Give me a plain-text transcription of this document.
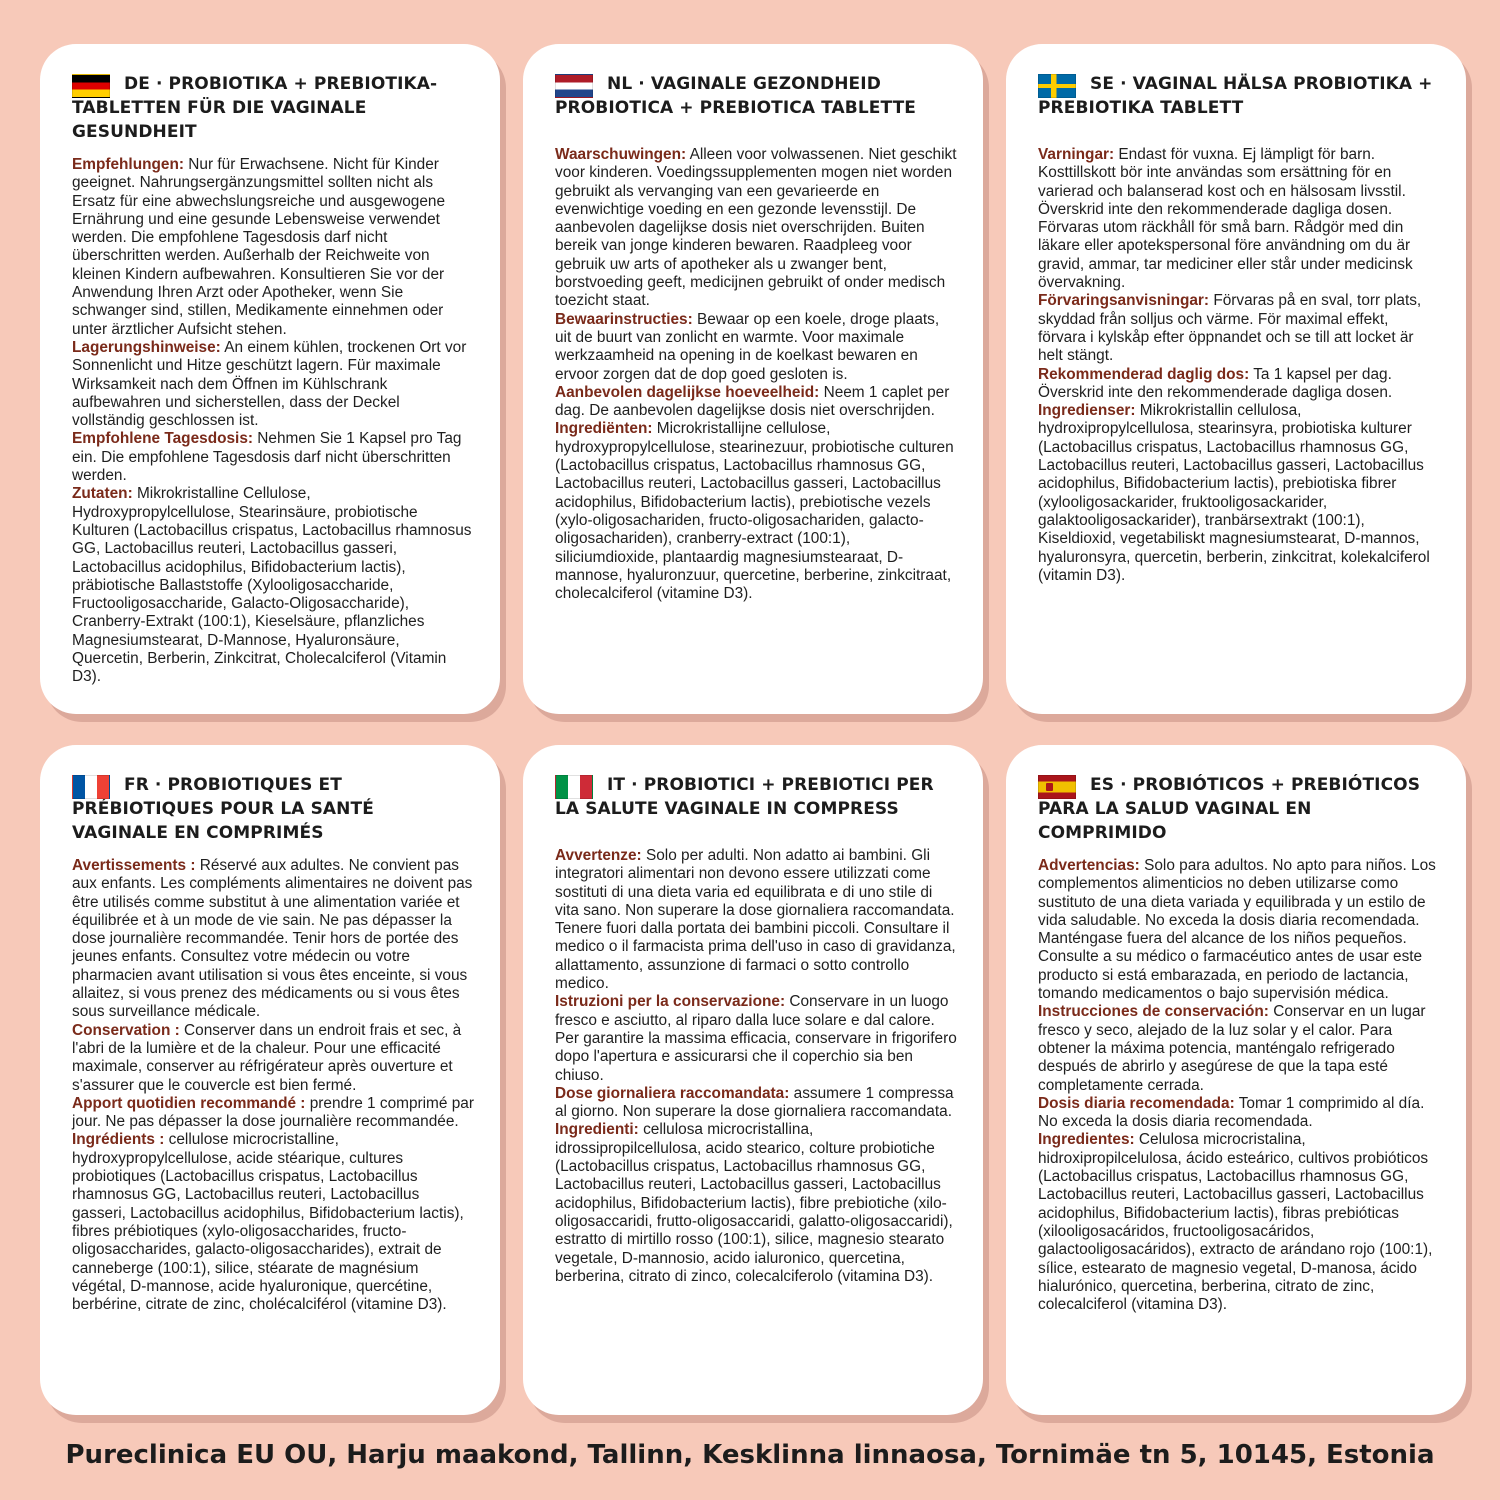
DE · PROBIOTIKA + PREBIOTIKA-TABLETTEN FÜR DIE VAGINALE GESUNDHEIT

Empfehlungen: Nur für Erwachsene. Nicht für Kinder geeignet. Nahrungsergänzungsmittel sollten nicht als Ersatz für eine abwechslungsreiche und ausgewogene Ernährung und eine gesunde Lebensweise verwendet werden. Die empfohlene Tagesdosis darf nicht überschritten werden. Außerhalb der Reichweite von kleinen Kindern aufbewahren. Konsultieren Sie vor der Anwendung Ihren Arzt oder Apotheker, wenn Sie schwanger sind, stillen, Medikamente einnehmen oder unter ärztlicher Aufsicht stehen.

Lagerungshinweise: An einem kühlen, trockenen Ort vor Sonnenlicht und Hitze geschützt lagern. Für maximale Wirksamkeit nach dem Öffnen im Kühlschrank aufbewahren und sicherstellen, dass der Deckel vollständig geschlossen ist.

Empfohlene Tagesdosis: Nehmen Sie 1 Kapsel pro Tag ein. Die empfohlene Tagesdosis darf nicht überschritten werden.

Zutaten: Mikrokristalline Cellulose, Hydroxypropylcellulose, Stearinsäure, probiotische Kulturen (Lactobacillus crispatus, Lactobacillus rhamnosus GG, Lactobacillus reuteri, Lactobacillus gasseri, Lactobacillus acidophilus, Bifidobacterium lactis), präbiotische Ballaststoffe (Xylooligosaccharide, Fructooligosaccharide, Galacto-Oligosaccharide), Cranberry-Extrakt (100:1), Kieselsäure, pflanzliches Magnesiumstearat, D-Mannose, Hyaluronsäure, Quercetin, Berberin, Zinkcitrat, Cholecalciferol (Vitamin D3).

NL · VAGINALE GEZONDHEID PROBIOTICA + PREBIOTICA TABLETTE

Waarschuwingen: Alleen voor volwassenen. Niet geschikt voor kinderen. Voedingssupplementen mogen niet worden gebruikt als vervanging van een gevarieerde en evenwichtige voeding en een gezonde levensstijl. De aanbevolen dagelijkse dosis niet overschrijden. Buiten bereik van jonge kinderen bewaren. Raadpleeg voor gebruik uw arts of apotheker als u zwanger bent, borstvoeding geeft, medicijnen gebruikt of onder medisch toezicht staat.

Bewaarinstructies: Bewaar op een koele, droge plaats, uit de buurt van zonlicht en warmte. Voor maximale werkzaamheid na opening in de koelkast bewaren en ervoor zorgen dat de dop goed gesloten is.

Aanbevolen dagelijkse hoeveelheid: Neem 1 caplet per dag. De aanbevolen dagelijkse dosis niet overschrijden.

Ingrediënten: Microkristallijne cellulose, hydroxypropylcellulose, stearinezuur, probiotische culturen (Lactobacillus crispatus, Lactobacillus rhamnosus GG, Lactobacillus reuteri, Lactobacillus gasseri, Lactobacillus acidophilus, Bifidobacterium lactis), prebiotische vezels (xylo-oligosachariden, fructo-oligosachariden, galacto-oligosachariden), cranberry-extract (100:1), siliciumdioxide, plantaardig magnesiumstearaat, D-mannose, hyaluronzuur, quercetine, berberine, zinkcitraat, cholecalciferol (vitamine D3).

SE · VAGINAL HÄLSA PROBIOTIKA + PREBIOTIKA TABLETT

Varningar: Endast för vuxna. Ej lämpligt för barn. Kosttillskott bör inte användas som ersättning för en varierad och balanserad kost och en hälsosam livsstil. Överskrid inte den rekommenderade dagliga dosen. Förvaras utom räckhåll för små barn. Rådgör med din läkare eller apotekspersonal före användning om du är gravid, ammar, tar mediciner eller står under medicinsk övervakning.

Förvaringsanvisningar: Förvaras på en sval, torr plats, skyddad från solljus och värme. För maximal effekt, förvara i kylskåp efter öppnandet och se till att locket är helt stängt.

Rekommenderad daglig dos: Ta 1 kapsel per dag. Överskrid inte den rekommenderade dagliga dosen.

Ingredienser: Mikrokristallin cellulosa, hydroxipropylcellulosa, stearinsyra, probiotiska kulturer (Lactobacillus crispatus, Lactobacillus rhamnosus GG, Lactobacillus reuteri, Lactobacillus gasseri, Lactobacillus acidophilus, Bifidobacterium lactis), prebiotiska fibrer (xylooligosackarider, fruktooligosackarider, galaktooligosackarider), tranbärsextrakt (100:1), Kiseldioxid, vegetabiliskt magnesiumstearat, D-mannos, hyaluronsyra, quercetin, berberin, zinkcitrat, kolekalciferol (vitamin D3).

FR · PROBIOTIQUES ET PRÉBIOTIQUES POUR LA SANTÉ VAGINALE EN COMPRIMÉS

Avertissements : Réservé aux adultes. Ne convient pas aux enfants. Les compléments alimentaires ne doivent pas être utilisés comme substitut à une alimentation variée et équilibrée et à un mode de vie sain. Ne pas dépasser la dose journalière recommandée. Tenir hors de portée des jeunes enfants. Consultez votre médecin ou votre pharmacien avant utilisation si vous êtes enceinte, si vous allaitez, si vous prenez des médicaments ou si vous êtes sous surveillance médicale.

Conservation : Conserver dans un endroit frais et sec, à l'abri de la lumière et de la chaleur. Pour une efficacité maximale, conserver au réfrigérateur après ouverture et s'assurer que le couvercle est bien fermé.

Apport quotidien recommandé : prendre 1 comprimé par jour. Ne pas dépasser la dose journalière recommandée.

Ingrédients : cellulose microcristalline, hydroxypropylcellulose, acide stéarique, cultures probiotiques (Lactobacillus crispatus, Lactobacillus rhamnosus GG, Lactobacillus reuteri, Lactobacillus gasseri, Lactobacillus acidophilus, Bifidobacterium lactis), fibres prébiotiques (xylo-oligosaccharides, fructo-oligosaccharides, galacto-oligosaccharides), extrait de canneberge (100:1), silice, stéarate de magnésium végétal, D-mannose, acide hyaluronique, quercétine, berbérine, citrate de zinc, cholécalciférol (vitamine D3).

IT · PROBIOTICI + PREBIOTICI PER LA SALUTE VAGINALE IN COMPRESS

Avvertenze: Solo per adulti. Non adatto ai bambini. Gli integratori alimentari non devono essere utilizzati come sostituti di una dieta varia ed equilibrata e di uno stile di vita sano. Non superare la dose giornaliera raccomandata. Tenere fuori dalla portata dei bambini piccoli. Consultare il medico o il farmacista prima dell'uso in caso di gravidanza, allattamento, assunzione di farmaci o sotto controllo medico.

Istruzioni per la conservazione: Conservare in un luogo fresco e asciutto, al riparo dalla luce solare e dal calore. Per garantire la massima efficacia, conservare in frigorifero dopo l'apertura e assicurarsi che il coperchio sia ben chiuso.

Dose giornaliera raccomandata: assumere 1 compressa al giorno. Non superare la dose giornaliera raccomandata.

Ingredienti: cellulosa microcristallina, idrossipropilcellulosa, acido stearico, colture probiotiche (Lactobacillus crispatus, Lactobacillus rhamnosus GG, Lactobacillus reuteri, Lactobacillus gasseri, Lactobacillus acidophilus, Bifidobacterium lactis), fibre prebiotiche (xilo-oligosaccaridi, frutto-oligosaccaridi, galatto-oligosaccaridi), estratto di mirtillo rosso (100:1), silice, magnesio stearato vegetale, D-mannosio, acido ialuronico, quercetina, berberina, citrato di zinco, colecalciferolo (vitamina D3).

ES · PROBIÓTICOS + PREBIÓTICOS PARA LA SALUD VAGINAL EN COMPRIMIDO

Advertencias: Solo para adultos. No apto para niños. Los complementos alimenticios no deben utilizarse como sustituto de una dieta variada y equilibrada y un estilo de vida saludable. No exceda la dosis diaria recomendada. Manténgase fuera del alcance de los niños pequeños. Consulte a su médico o farmacéutico antes de usar este producto si está embarazada, en periodo de lactancia, tomando medicamentos o bajo supervisión médica.

Instrucciones de conservación: Conservar en un lugar fresco y seco, alejado de la luz solar y el calor. Para obtener la máxima potencia, manténgalo refrigerado después de abrirlo y asegúrese de que la tapa esté completamente cerrada.

Dosis diaria recomendada: Tomar 1 comprimido al día. No exceda la dosis diaria recomendada.

Ingredientes: Celulosa microcristalina, hidroxipropilcelulosa, ácido esteárico, cultivos probióticos (Lactobacillus crispatus, Lactobacillus rhamnosus GG, Lactobacillus reuteri, Lactobacillus gasseri, Lactobacillus acidophilus, Bifidobacterium lactis), fibras prebióticas (xilooligosacáridos, fructooligosacáridos, galactooligosacáridos), extracto de arándano rojo (100:1), sílice, estearato de magnesio vegetal, D-manosa, ácido hialurónico, quercetina, berberina, citrato de zinc, colecalciferol (vitamina D3).

Pureclinica EU OU, Harju maakond, Tallinn, Kesklinna linnaosa, Tornimäe tn 5, 10145, Estonia
